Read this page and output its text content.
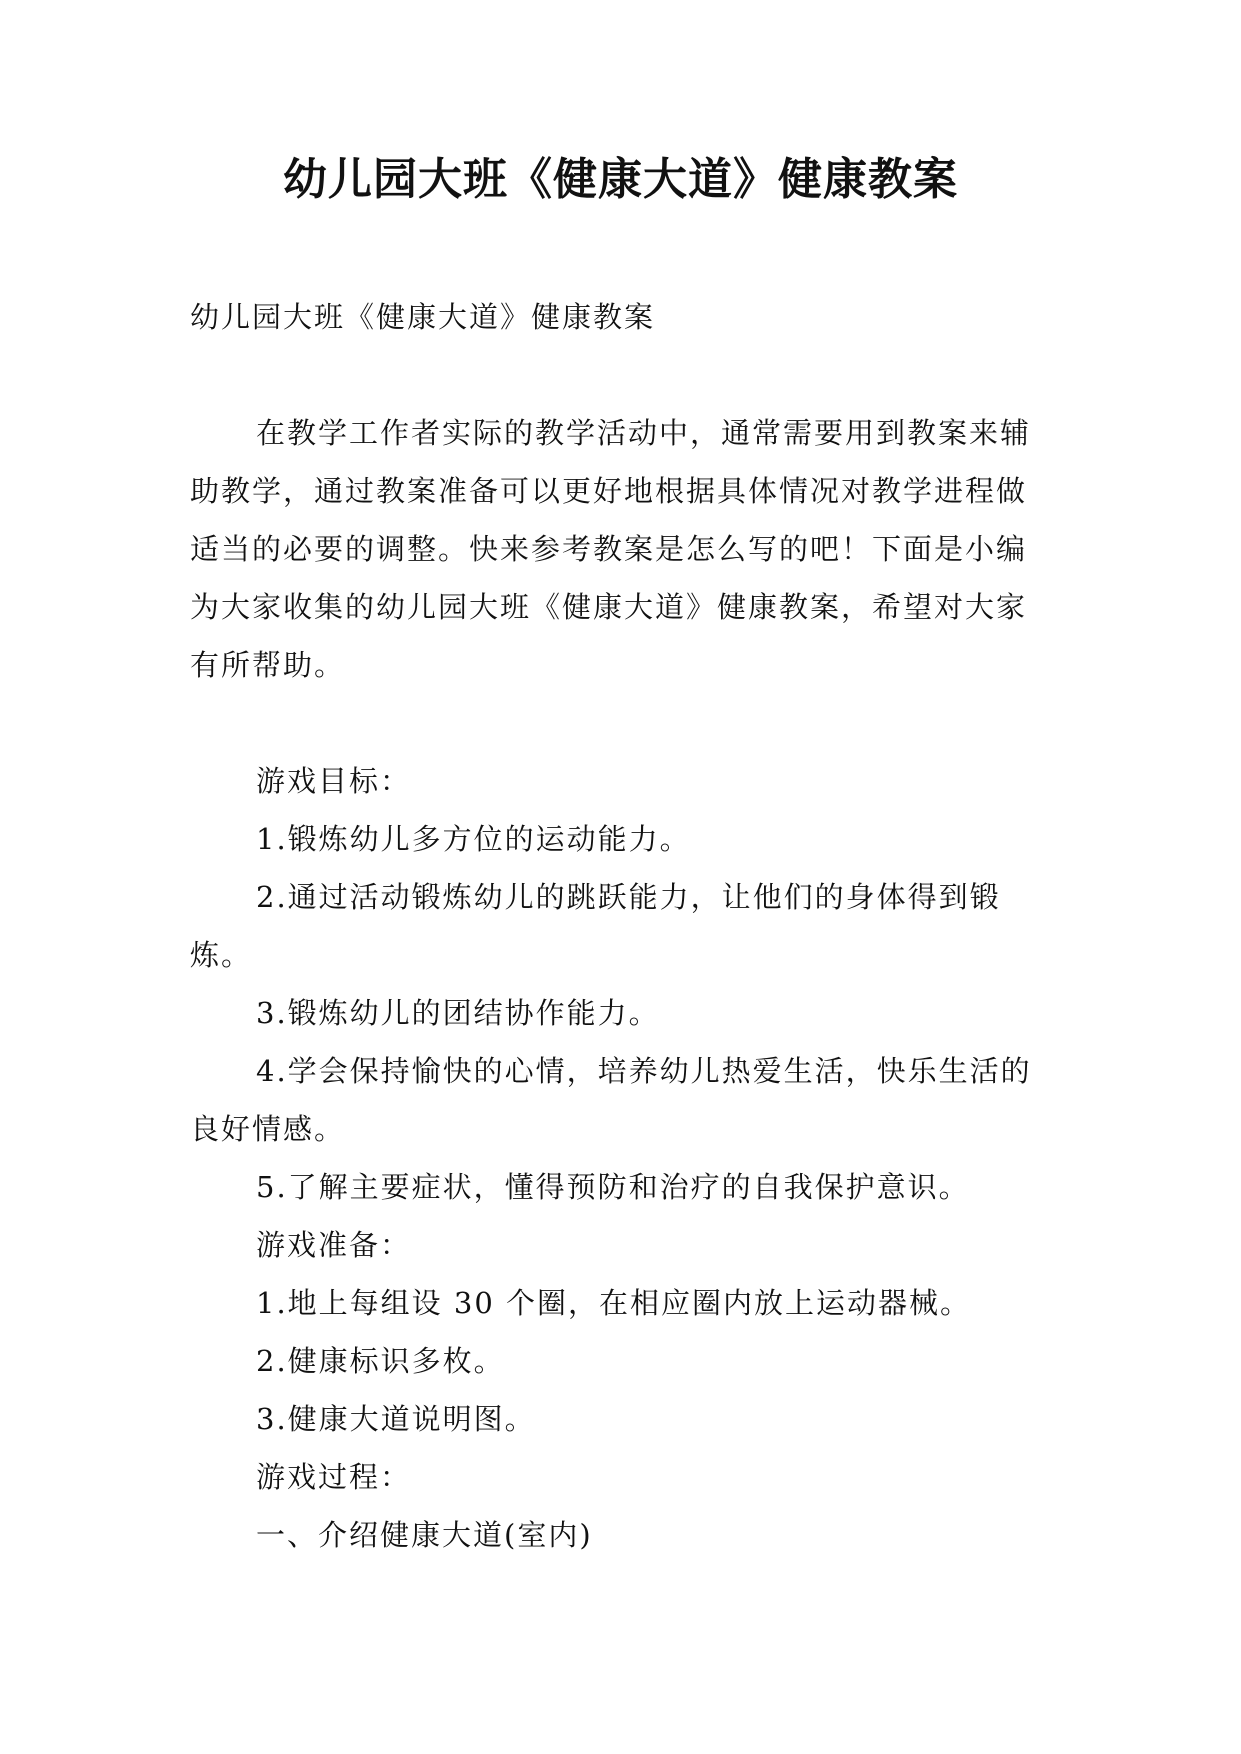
幼儿园大班《健康大道》健康教案

幼儿园大班《健康大道》健康教案

在教学工作者实际的教学活动中，通常需要用到教案来辅助教学，通过教案准备可以更好地根据具体情况对教学进程做适当的必要的调整。快来参考教案是怎么写的吧！下面是小编为大家收集的幼儿园大班《健康大道》健康教案，希望对大家有所帮助。

游戏目标：

1.锻炼幼儿多方位的运动能力。

2.通过活动锻炼幼儿的跳跃能力，让他们的身体得到锻炼。

3.锻炼幼儿的团结协作能力。

4.学会保持愉快的心情，培养幼儿热爱生活，快乐生活的良好情感。

5.了解主要症状，懂得预防和治疗的自我保护意识。

游戏准备：

1.地上每组设 30 个圈，在相应圈内放上运动器械。

2.健康标识多枚。

3.健康大道说明图。

游戏过程：

一、介绍健康大道(室内)
